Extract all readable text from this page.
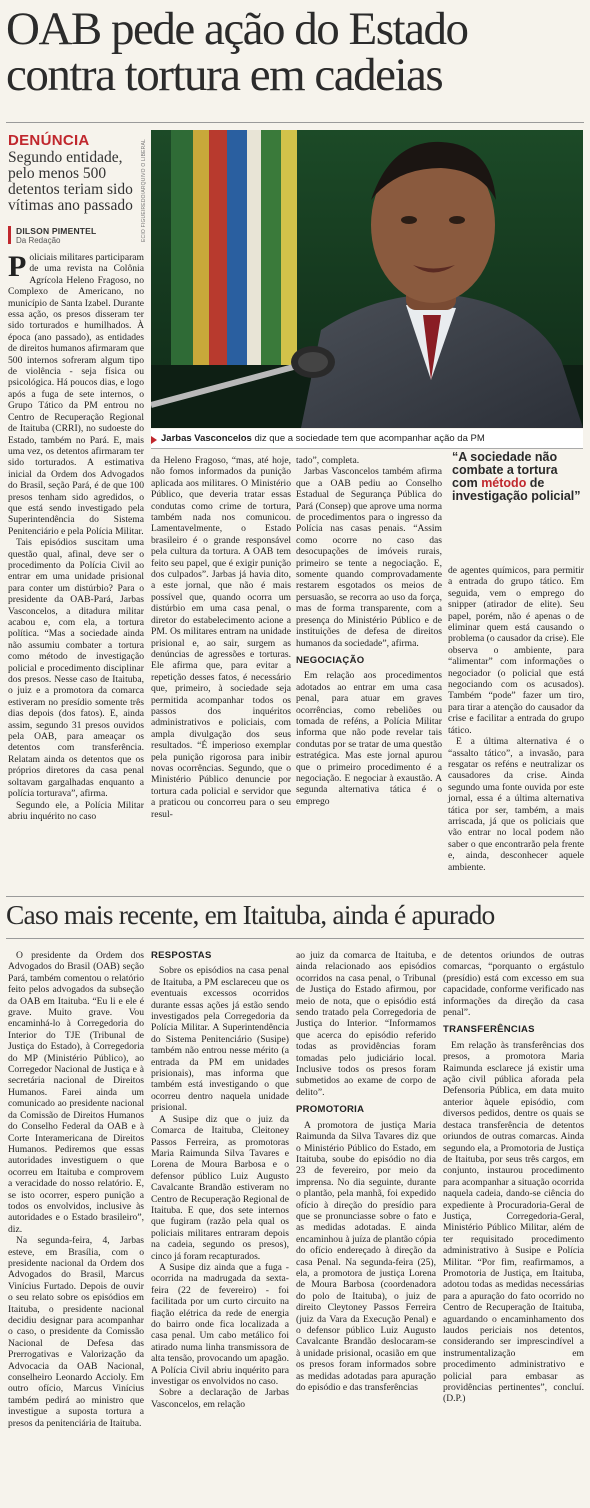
OAB pede ação do Estado
contra tortura em cadeias
DENÚNCIA
Segundo entidade, pelo menos 500 detentos teriam sido vítimas ano passado
DILSON PIMENTEL
Da Redação	ECIO FIGUEIREDO/ARQUIVO O LIBERAL
Jarbas Vasconcelos diz que a sociedade tem que acompanhar ação da PM

Policiais militares participaram de uma revista na Colônia Agrícola Heleno Fragoso, no Complexo de Americano, no município de Santa Izabel. Durante essa ação, os presos disseram ter sido torturados e humilhados. À época (ano passado), as entidades de direitos humanos afirmaram que 500 internos sofreram algum tipo de violência - seja física ou psicológica. Há poucos dias, e logo após a fuga de sete internos, o Grupo Tático da PM entrou no Centro de Recuperação Regional de Itaituba (CRRI), no sudoeste do Estado, também no Pará. E, mais uma vez, os detentos afirmaram ter sido torturados. A estimativa inicial da Ordem dos Advogados do Brasil, seção Pará, é de que 100 presos tenham sido agredidos, o que está sendo investigado pela Superintendência do Sistema Penitenciário e pela Polícia Militar.

Tais episódios suscitam uma questão qual, afinal, deve ser o procedimento da Polícia Civil ao entrar em uma unidade prisional para conter um distúrbio? Para o presidente da OAB-Pará, Jarbas Vasconcelos, a ditadura militar acabou e, com ela, a tortura política. “Mas a sociedade ainda não assumiu combater a tortura como método de investigação policial e procedimento disciplinar dos presos. Nesse caso de Itaituba, o juiz e a promotora da comarca estiveram no presídio somente três dias depois (dos fatos). E, ainda assim, segundo 31 presos ouvidos pela OAB, para ameaçar os detentos com transferência. Relatam ainda os detentos que os próprios diretores da casa penal soltavam gargalhadas enquanto a polícia torturava”, afirma.

Segundo ele, a Polícia Militar abriu inquérito no caso

da Heleno Fragoso, “mas, até hoje, não fomos informados da punição aplicada aos militares. O Ministério Público, que deveria tratar essas condutas como crime de tortura, também nada nos comunicou. Lamentavelmente, o Estado brasileiro é o grande responsável pela cultura da tortura. A OAB tem feito seu papel, que é exigir punição dos culpados”. Jarbas já havia dito, a este jornal, que não é mais possível que, quando ocorra um distúrbio em uma casa penal, o diretor do estabelecimento acione a PM. Os militares entram na unidade prisional e, ao sair, surgem as denúncias de agressões e torturas. Ele afirma que, para evitar a repetição desses fatos, é necessário que, primeiro, à sociedade seja permitida acompanhar todos os passos dos inquéritos administrativos e policiais, com ampla divulgação dos seus resultados. “É imperioso exemplar pela punição rigorosa para inibir novas ocorrências. Segundo, que o Ministério Público denuncie por tortura cada policial e servidor que a praticou ou concorreu para o seu resul-

tado”, completa.

Jarbas Vasconcelos também afirma que a OAB pediu ao Conselho Estadual de Segurança Pública do Pará (Consep) que aprove uma norma de procedimentos para o ingresso da Polícia nas casas penais. “Assim como ocorre no caso das desocupações de imóveis rurais, primeiro se tente a negociação. E, somente quando comprovadamente restarem esgotados os meios de persuasão, se recorra ao uso da força, mas de forma transparente, com a presença do Ministério Público e de instituições de defesa de direitos humanos da sociedade”, afirma.

NEGOCIAÇÃO

Em relação aos procedimentos adotados ao entrar em uma casa penal, para atuar em graves ocorrências, como rebeliões ou tomada de reféns, a Polícia Militar informa que não pode revelar tais condutas por se tratar de uma questão estratégica. Mas este jornal apurou que o primeiro procedimento é a negociação. E negociar à exaustão. A segunda alternativa tática é o emprego

“A sociedade não combate a tortura com método de investigação policial”

de agentes químicos, para permitir a entrada do grupo tático. Em seguida, vem o emprego do snipper (atirador de elite). Seu papel, porém, não é apenas o de eliminar quem está causando o problema (o causador da crise). Ele observa o ambiente, para “alimentar” com informações o negociador (o policial que está negociando com os acusados). Também “pode” fazer um tiro, para tirar a atenção do causador da crise e facilitar a entrada do grupo tático.

E a última alternativa é o “assalto tático”, a invasão, para resgatar os reféns e neutralizar os causadores da crise. Ainda segundo uma fonte ouvida por este jornal, essa é a última alternativa tática por ser, também, a mais arriscada, já que os policiais que vão entrar no local podem não saber o que encontrarão pela frente e, ainda, desconhecer aquele ambiente.

Caso mais recente, em Itaituba, ainda é apurado

O presidente da Ordem dos Advogados do Brasil (OAB) seção Pará, também comentou o relatório feito pelos advogados da subseção da OAB em Itaituba. “Eu li e ele é grave. Muito grave. Vou encaminhá-lo à Corregedoria do Interior do TJE (Tribunal de Justiça do Estado), à Corregedoria do MP (Ministério Público), ao Corregedor Nacional de Justiça e à secretária nacional de Direitos Humanos. Farei ainda um comunicado ao presidente nacional da Comissão de Direitos Humanos do Conselho Federal da OAB e à Corte Interamericana de Direitos Humanos. Pediremos que essas autoridades investiguem o que ocorreu em Itaituba e comprovem a veracidade do nosso relatório. E, se isto ocorrer, espero punição a todos os envolvidos, inclusive às autoridades e o Estado brasileiro”, diz.

Na segunda-feira, 4, Jarbas esteve, em Brasília, com o presidente nacional da Ordem dos Advogados do Brasil, Marcus Vinícius Furtado. Depois de ouvir o seu relato sobre os episódios em Itaituba, o presidente nacional decidiu designar para acompanhar o caso, o presidente da Comissão Nacional de Defesa das Prerrogativas e Valorização da Advocacia da OAB Nacional, conselheiro Leonardo Accioly. Em outro ofício, Marcus Vinícius também pedirá ao ministro que investigue a suposta tortura a presos da penitenciária de Itaituba.

RESPOSTAS

Sobre os episódios na casa penal de Itaituba, a PM esclareceu que os eventuais excessos ocorridos durante essas ações já estão sendo investigados pela Corregedoria da Polícia Militar. A Superintendência do Sistema Penitenciário (Susipe) também não entrou nesse mérito (a entrada da PM em unidades prisionais), mas informa que também está investigando o que ocorreu dentro naquela unidade prisional.

A Susipe diz que o juiz da Comarca de Itaituba, Cleitoney Passos Ferreira, as promotoras Maria Raimunda Silva Tavares e Lorena de Moura Barbosa e o defensor público Luiz Augusto Cavalcante Brandão estiveram no Centro de Recuperação Regional de Itaituba. E que, dos sete internos que fugiram (razão pela qual os policiais militares entraram depois na cadeia, segundo os presos), cinco já foram recapturados.

A Susipe diz ainda que a fuga - ocorrida na madrugada da sexta-feira (22 de fevereiro) - foi facilitada por um curto circuito na fiação elétrica da rede de energia do bairro onde fica localizada a casa penal. Um cabo metálico foi atirado numa linha transmissora de alta tensão, provocando um apagão. A Polícia Civil abriu inquérito para investigar os envolvidos no caso.

Sobre a declaração de Jarbas Vasconcelos, em relação

ao juiz da comarca de Itaituba, e ainda relacionado aos episódios ocorridos na casa penal, o Tribunal de Justiça do Estado afirmou, por meio de nota, que o episódio está sendo tratado pela Corregedoria de Justiça do Interior. “Informamos que acerca do episódio referido todas as providências foram tomadas pelo judiciário local. Inclusive todos os presos foram submetidos ao exame de corpo de delito”.

PROMOTORIA

A promotora de justiça Maria Raimunda da Silva Tavares diz que o Ministério Público do Estado, em Itaituba, soube do episódio no dia 23 de fevereiro, por meio da imprensa. No dia seguinte, durante o plantão, pela manhã, foi expedido ofício à direção do presídio para que se pronunciasse sobre o fato e as medidas adotadas. E ainda encaminhou à juíza de plantão cópia do ofício endereçado à direção da casa Penal. Na segunda-feira (25), ela, a promotora de justiça Lorena de Moura Barbosa (coordenadora do polo de Itaituba), o juiz de direito Cleytoney Passos Ferreira (juiz da Vara da Execução Penal) e o defensor público Luiz Augusto Cavalcante Brandão deslocaram-se à unidade prisional, ocasião em que os presos foram informados sobre as medidas adotadas para apuração do episódio e das transferências

de detentos oriundos de outras comarcas, “porquanto o ergástulo (presídio) está com excesso em sua capacidade, conforme verificado nas informações da direção da casa penal”.

TRANSFERÊNCIAS

Em relação às transferências dos presos, a promotora Maria Raimunda esclarece já existir uma ação civil pública aforada pela Defensoria Pública, em data muito anterior àquele episódio, com diversos pedidos, dentre os quais se destaca transferência de detentos oriundos de outras comarcas. Ainda segundo ela, a Promotoria de Justiça de Itaituba, por seus três cargos, em conjunto, instaurou procedimento para acompanhar a situação ocorrida naquela cadeia, dando-se ciência do expediente à Procuradoria-Geral de Justiça, Corregedoria-Geral, Ministério Público Militar, além de ter requisitado procedimento administrativo à Susipe e Polícia Militar. “Por fim, reafirmamos, a Promotoria de Justiça, em Itaituba, adotou todas as medidas necessárias para a apuração do fato ocorrido no Centro de Recuperação de Itaituba, aguardando o encaminhamento dos laudos periciais nos detentos, considerando ser imprescindível a instrumentalização em procedimento administrativo e policial para embasar as providências pertinentes”, concluí. (D.P.)
